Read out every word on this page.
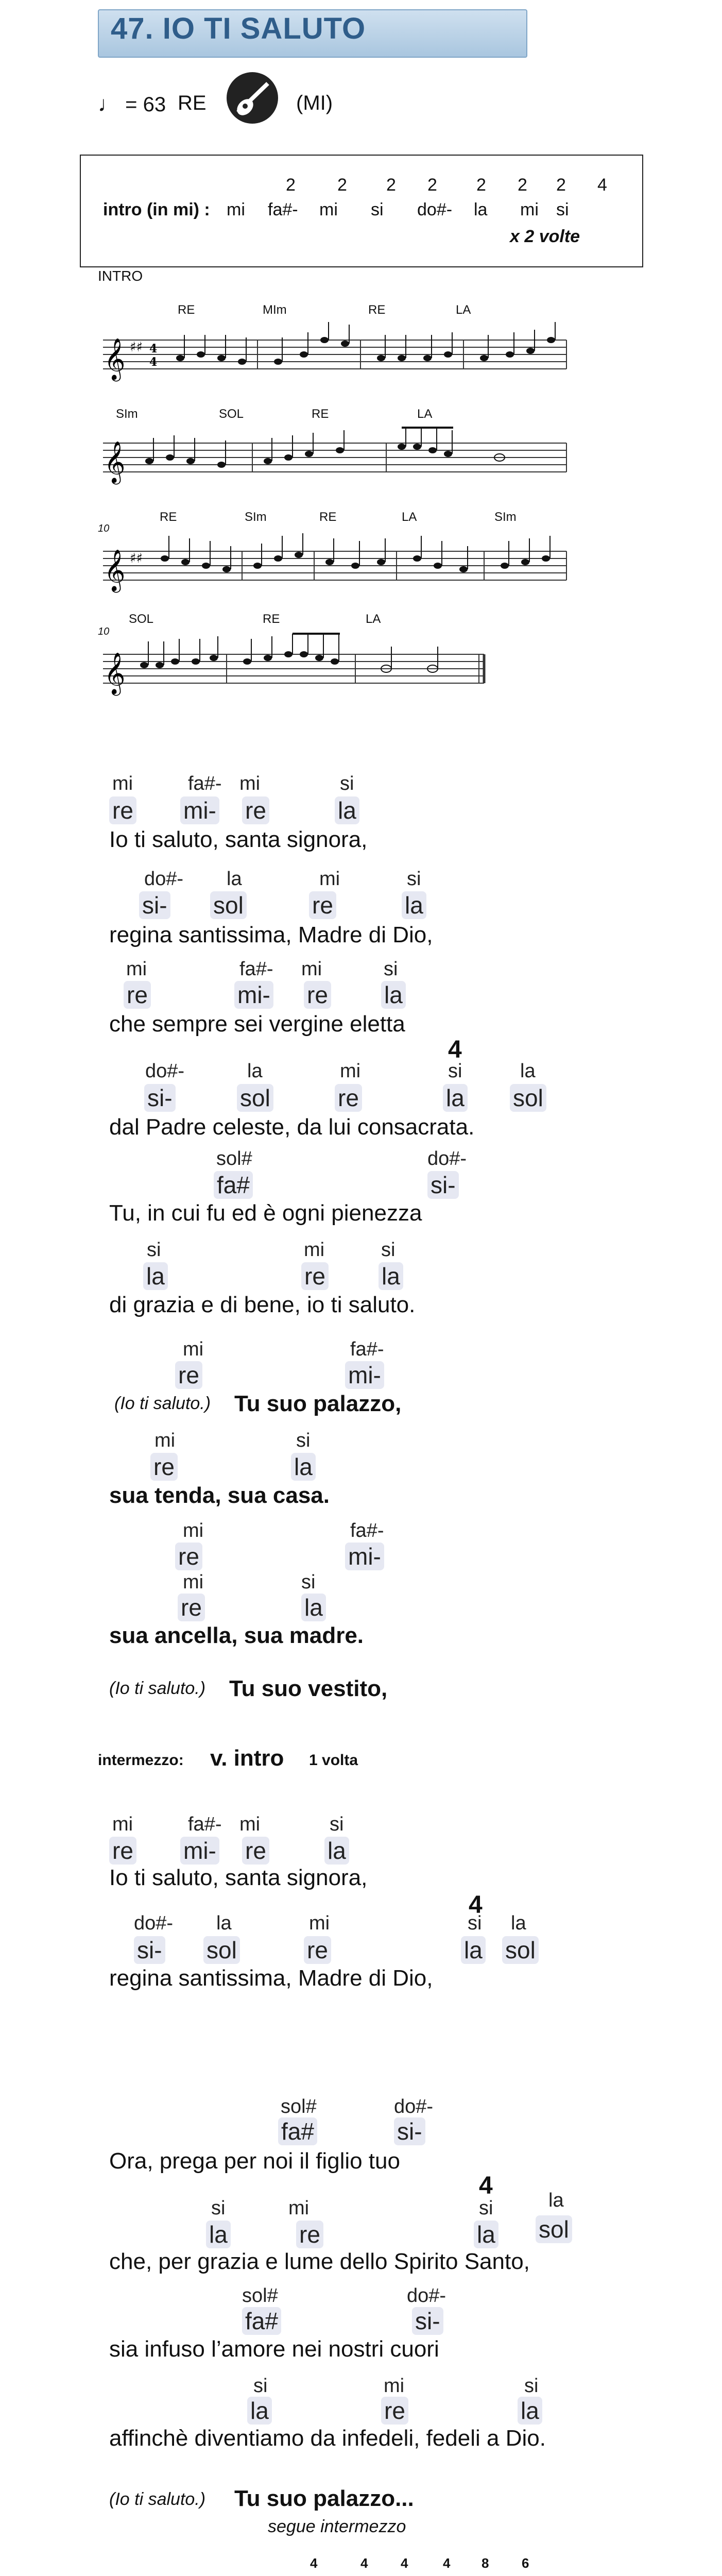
47. IO TI SALUTO
♩ = 63 RE	(MI)
intro (in mi) :
2 2 2 2 2 2 2 4
mi fa#- mi si do#- la mi si
x 2 volte
INTRO
RE	MIm	RE	LA
𝄞 ♯♯ 4
4
SIm	SOL	RE	LA
𝄞
10
RE	SIm	RE	LA	SIm
𝄞 ♯♯
10
SOL	RE	LA
𝄞
mi	fa#- mi	si
re mi- re	la
Io ti saluto, santa signora,
do#- la	mi	si
si- sol	re	la
regina santissima, Madre di Dio,
mi	fa#- mi	si
re	mi- re la
che sempre sei vergine eletta
4
do#-	la	mi	si	la
si-	sol	re	la sol
dal Padre celeste, da lui consacrata.
sol#	do#-
fa#	si-
Tu, in cui fu ed è ogni pienezza
si	mi	si
la	re la
di grazia e di bene, io ti saluto.
mi	fa#-
re	mi-
(Io ti saluto.) Tu suo palazzo,
mi	si
re	la
sua tenda, sua casa.
mi	fa#-
re	mi-
mi	si
re	la
sua ancella, sua madre.
(Io ti saluto.) Tu suo vestito,
intermezzo: v. intro 1 volta
mi	fa#- mi	si
re mi- re	la
Io ti saluto, santa signora,
4
do#- la	mi	si la
si- sol	re	la sol
regina santissima, Madre di Dio,
sol#	do#-
fa#	si-
Ora, prega per noi il figlio tuo
4
si	mi	si	la
la	re	la sol
che, per grazia e lume dello Spirito Santo,
sol#	do#-
fa#	si-
sia infuso l’amore nei nostri cuori
si	mi	si
la	re	la
affinchè diventiamo da infedeli, fedeli a Dio.
(Io ti saluto.) Tu suo palazzo...
segue intermezzo
4	4 4	4 8 6
